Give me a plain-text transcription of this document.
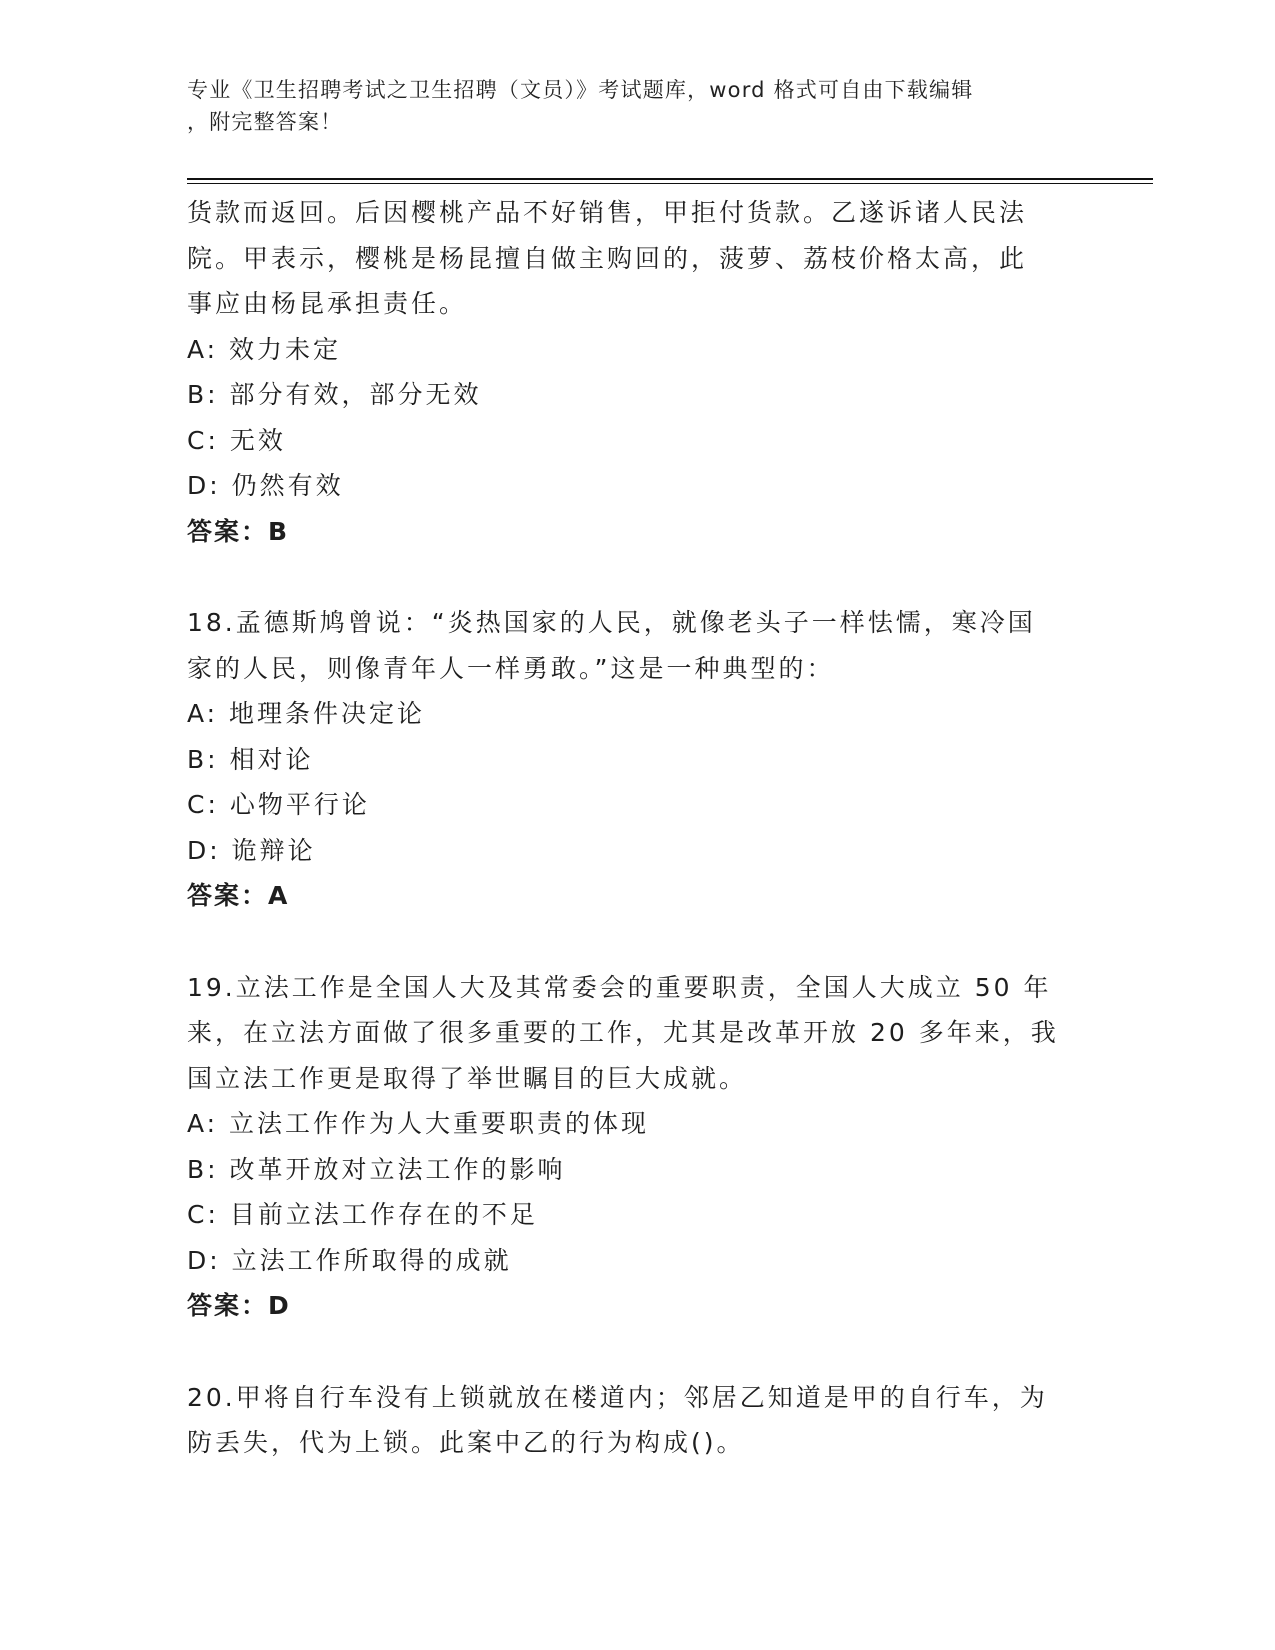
专业《卫生招聘考试之卫生招聘（文员）》考试题库，word 格式可自由下载编辑
，附完整答案！
货款而返回。后因樱桃产品不好销售，甲拒付货款。乙遂诉诸人民法
院。甲表示，樱桃是杨昆擅自做主购回的，菠萝、荔枝价格太高，此
事应由杨昆承担责任。
A: 效力未定
B: 部分有效，部分无效
C: 无效
D: 仍然有效
答案：B
18.孟德斯鸠曾说：“炎热国家的人民，就像老头子一样怯懦，寒冷国
家的人民，则像青年人一样勇敢。”这是一种典型的：
A: 地理条件决定论
B: 相对论
C: 心物平行论
D: 诡辩论
答案：A
19.立法工作是全国人大及其常委会的重要职责，全国人大成立 50 年
来，在立法方面做了很多重要的工作，尤其是改革开放 20 多年来，我
国立法工作更是取得了举世瞩目的巨大成就。
A: 立法工作作为人大重要职责的体现
B: 改革开放对立法工作的影响
C: 目前立法工作存在的不足
D: 立法工作所取得的成就
答案：D
20.甲将自行车没有上锁就放在楼道内；邻居乙知道是甲的自行车，为
防丢失，代为上锁。此案中乙的行为构成()。
